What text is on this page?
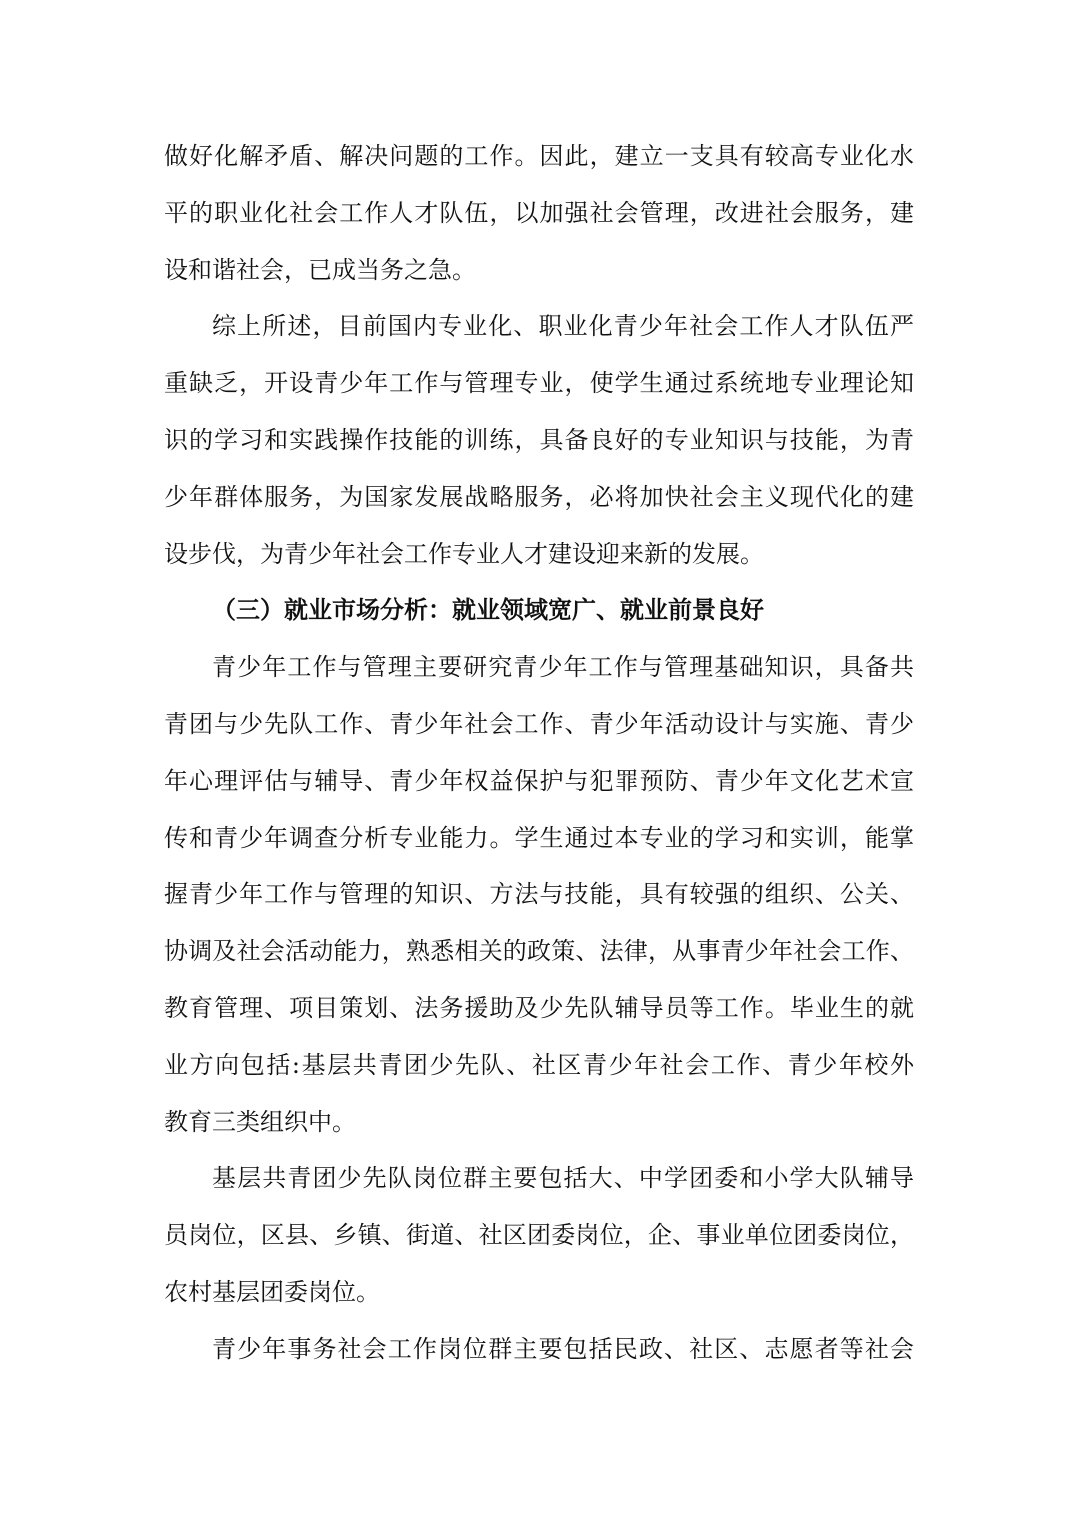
做好化解矛盾、解决问题的工作。因此，建立一支具有较高专业化水
平的职业化社会工作人才队伍，以加强社会管理，改进社会服务，建
设和谐社会，已成当务之急。
综上所述，目前国内专业化、职业化青少年社会工作人才队伍严
重缺乏，开设青少年工作与管理专业，使学生通过系统地专业理论知
识的学习和实践操作技能的训练，具备良好的专业知识与技能，为青
少年群体服务，为国家发展战略服务，必将加快社会主义现代化的建
设步伐，为青少年社会工作专业人才建设迎来新的发展。
（三）就业市场分析：就业领域宽广、就业前景良好
青少年工作与管理主要研究青少年工作与管理基础知识，具备共
青团与少先队工作、青少年社会工作、青少年活动设计与实施、青少
年心理评估与辅导、青少年权益保护与犯罪预防、青少年文化艺术宣
传和青少年调查分析专业能力。学生通过本专业的学习和实训，能掌
握青少年工作与管理的知识、方法与技能，具有较强的组织、公关、
协调及社会活动能力，熟悉相关的政策、法律，从事青少年社会工作、
教育管理、项目策划、法务援助及少先队辅导员等工作。毕业生的就
业方向包括:基层共青团少先队、社区青少年社会工作、青少年校外
教育三类组织中。
基层共青团少先队岗位群主要包括大、中学团委和小学大队辅导
员岗位，区县、乡镇、街道、社区团委岗位，企、事业单位团委岗位，
农村基层团委岗位。
青少年事务社会工作岗位群主要包括民政、社区、志愿者等社会
